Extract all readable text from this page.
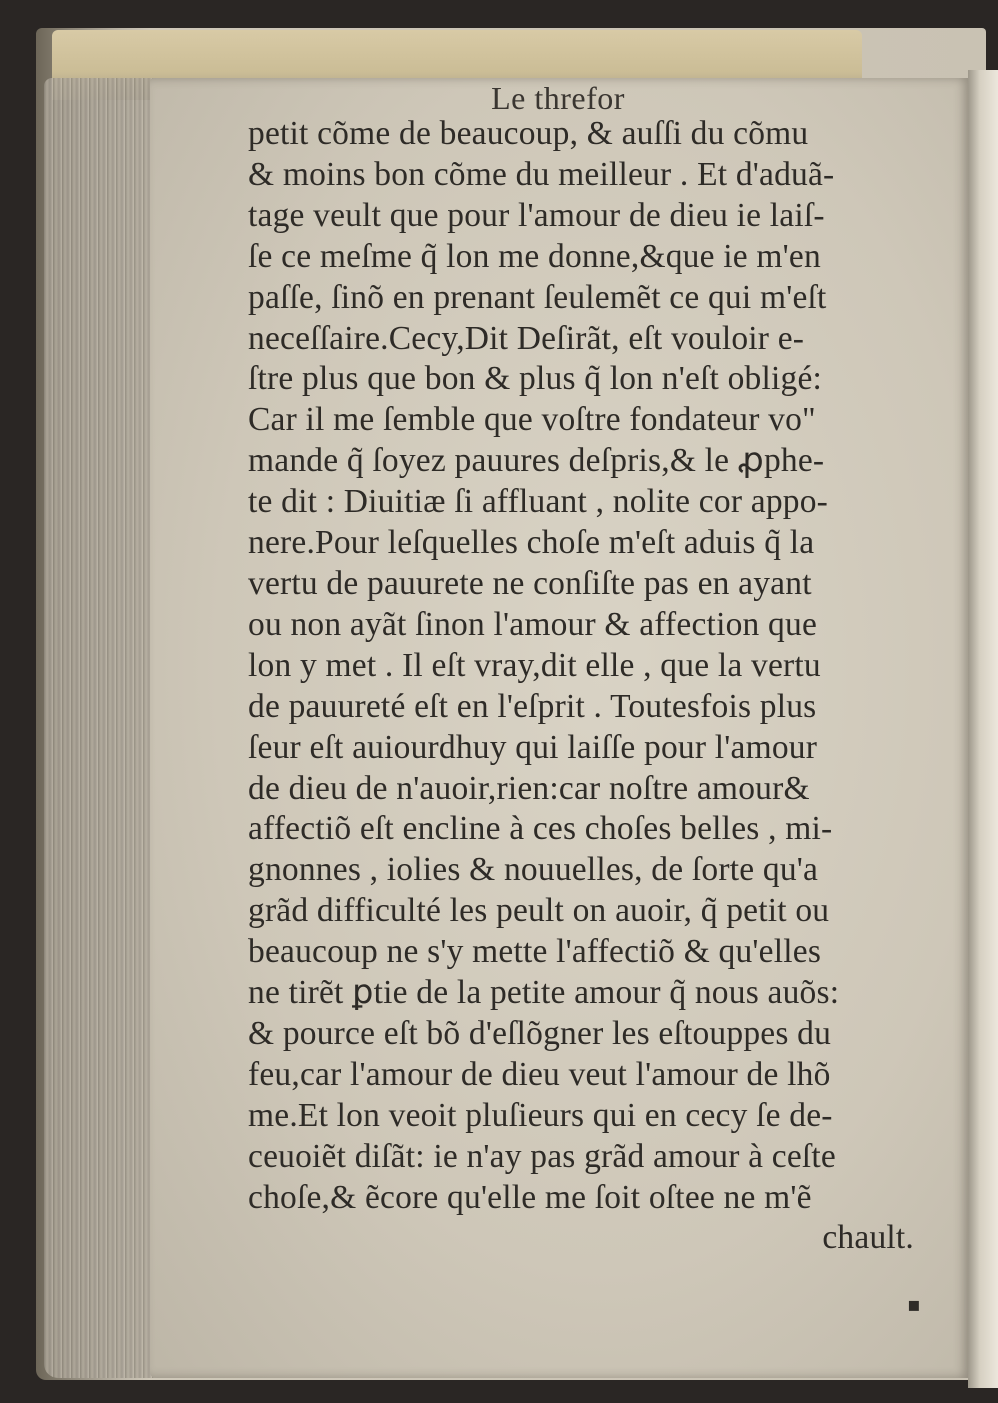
Le threfor
petit cõme de beaucoup, & auſſi du cõmu
& moins bon cõme du meilleur . Et d'aduã-
tage veult que pour l'amour de dieu ie laiſ-
ſe ce meſme q̃ lon me donne,&que ie m'en
paſſe, ſinõ en prenant ſeulemẽt ce qui m'eſt
neceſſaire.Cecy,Dit Deſirãt, eſt vouloir e-
ſtre plus que bon & plus q̃ lon n'eſt obligé:
Car il me ſemble que voſtre fondateur vo"
mande q̃ ſoyez pauures deſpris,& le ꝓphe-
te dit : Diuitiæ ſi affluant , nolite cor appo-
nere.Pour leſquelles choſe m'eſt aduis q̃ la
vertu de pauurete ne conſiſte pas en ayant
ou non ayãt ſinon l'amour & affection que
lon y met . Il eſt vray,dit elle , que la vertu
de pauureté eſt en l'eſprit . Toutesfois plus
ſeur eſt auiourdhuy qui laiſſe pour l'amour
de dieu de n'auoir,rien:car noſtre amour&
affectiõ eſt encline à ces choſes belles , mi-
gnonnes , iolies & nouuelles, de ſorte qu'a
grãd difficulté les peult on auoir, q̃ petit ou
beaucoup ne s'y mette l'affectiõ & qu'elles
ne tirẽt ꝑtie de la petite amour q̃ nous auõs:
& pource eſt bõ d'eſlõgner les eſtouppes du
feu,car l'amour de dieu veut l'amour de lhõ
me.Et lon veoit pluſieurs qui en cecy ſe de-
ceuoiẽt diſãt: ie n'ay pas grãd amour à ceſte
choſe,& ẽcore qu'elle me ſoit oſtee ne m'ẽ
chault.
▪
